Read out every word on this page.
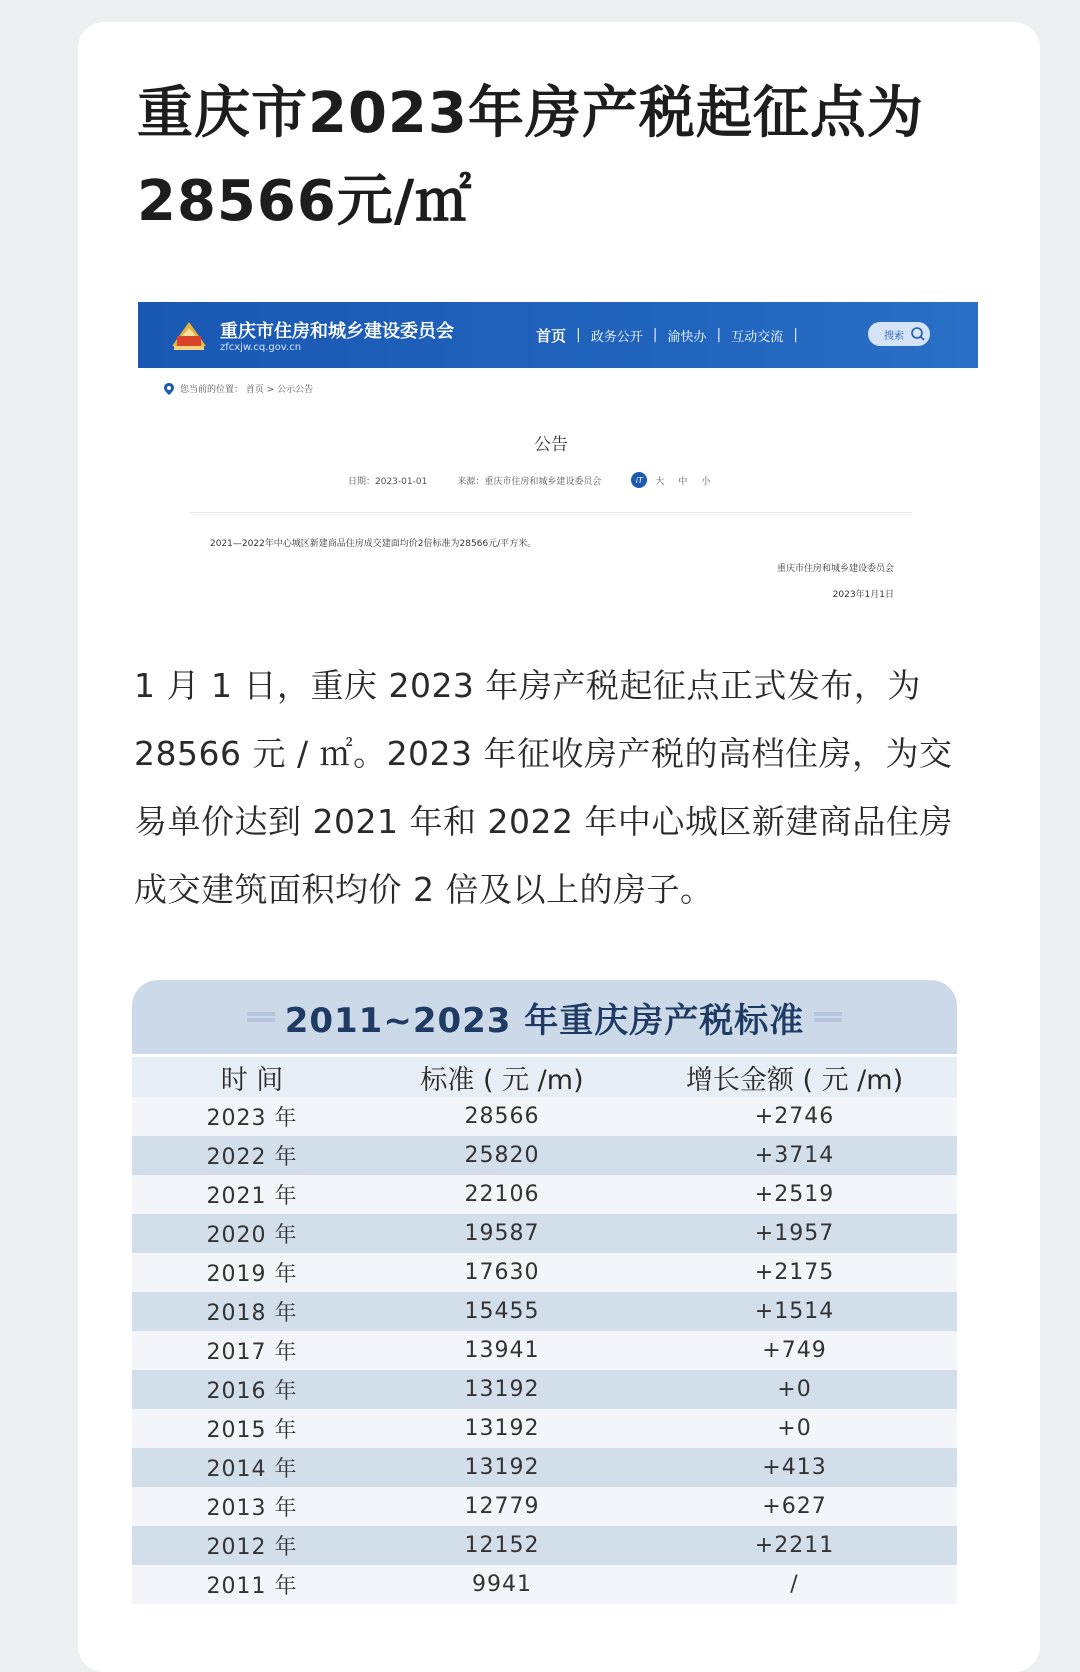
重庆市2023年房产税起征点为28566元/㎡
重庆市住房和城乡建设委员会
zfcxjw.cq.gov.cn
首页 | 政务公开 | 渝快办 | 互动交流 |	搜索
您当前的位置： 首页 > 公示公告
公告
日期：2023-01-01	来源：重庆市住房和城乡建设委员会	iT	大 中 小
2021—2022年中心城区新建商品住房成交建面均价2倍标准为28566元/平方米。
重庆市住房和城乡建设委员会
2023年1月1日
1 月 1 日，重庆 2023 年房产税起征点正式发布，为 28566 元 / ㎡。2023 年征收房产税的高档住房，为交易单价达到 2021 年和 2022 年中心城区新建商品住房成交建筑面积均价 2 倍及以上的房子。
2011~2023 年重庆房产税标准
时 间	标准 ( 元 /m)	增长金额 ( 元 /m)
2023 年	28566	+2746
2022 年	25820	+3714
2021 年	22106	+2519
2020 年	19587	+1957
2019 年	17630	+2175
2018 年	15455	+1514
2017 年	13941	+749
2016 年	13192	+0
2015 年	13192	+0
2014 年	13192	+413
2013 年	12779	+627
2012 年	12152	+2211
2011 年	9941	/
